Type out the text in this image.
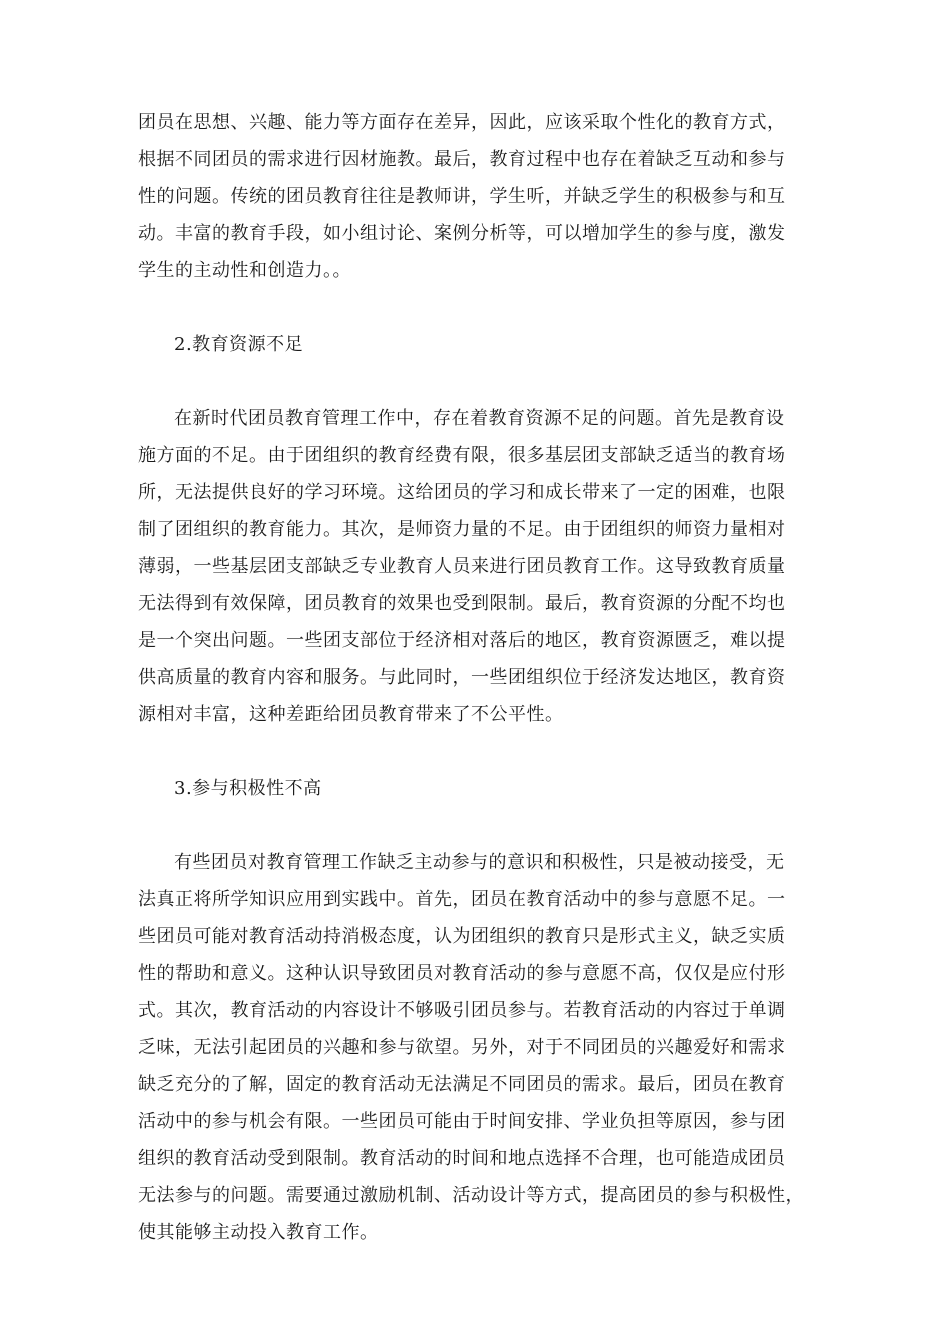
团员在思想、兴趣、能力等方面存在差异，因此，应该采取个性化的教育方式，
根据不同团员的需求进行因材施教。最后，教育过程中也存在着缺乏互动和参与
性的问题。传统的团员教育往往是教师讲，学生听，并缺乏学生的积极参与和互
动。丰富的教育手段，如小组讨论、案例分析等，可以增加学生的参与度，激发
学生的主动性和创造力。。
2.教育资源不足
在新时代团员教育管理工作中，存在着教育资源不足的问题。首先是教育设
施方面的不足。由于团组织的教育经费有限，很多基层团支部缺乏适当的教育场
所，无法提供良好的学习环境。这给团员的学习和成长带来了一定的困难，也限
制了团组织的教育能力。其次，是师资力量的不足。由于团组织的师资力量相对
薄弱，一些基层团支部缺乏专业教育人员来进行团员教育工作。这导致教育质量
无法得到有效保障，团员教育的效果也受到限制。最后，教育资源的分配不均也
是一个突出问题。一些团支部位于经济相对落后的地区，教育资源匮乏，难以提
供高质量的教育内容和服务。与此同时，一些团组织位于经济发达地区，教育资
源相对丰富，这种差距给团员教育带来了不公平性。
3.参与积极性不高
有些团员对教育管理工作缺乏主动参与的意识和积极性，只是被动接受，无
法真正将所学知识应用到实践中。首先，团员在教育活动中的参与意愿不足。一
些团员可能对教育活动持消极态度，认为团组织的教育只是形式主义，缺乏实质
性的帮助和意义。这种认识导致团员对教育活动的参与意愿不高，仅仅是应付形
式。其次，教育活动的内容设计不够吸引团员参与。若教育活动的内容过于单调
乏味，无法引起团员的兴趣和参与欲望。另外，对于不同团员的兴趣爱好和需求
缺乏充分的了解，固定的教育活动无法满足不同团员的需求。最后，团员在教育
活动中的参与机会有限。一些团员可能由于时间安排、学业负担等原因，参与团
组织的教育活动受到限制。教育活动的时间和地点选择不合理，也可能造成团员
无法参与的问题。需要通过激励机制、活动设计等方式，提高团员的参与积极性，
使其能够主动投入教育工作。
